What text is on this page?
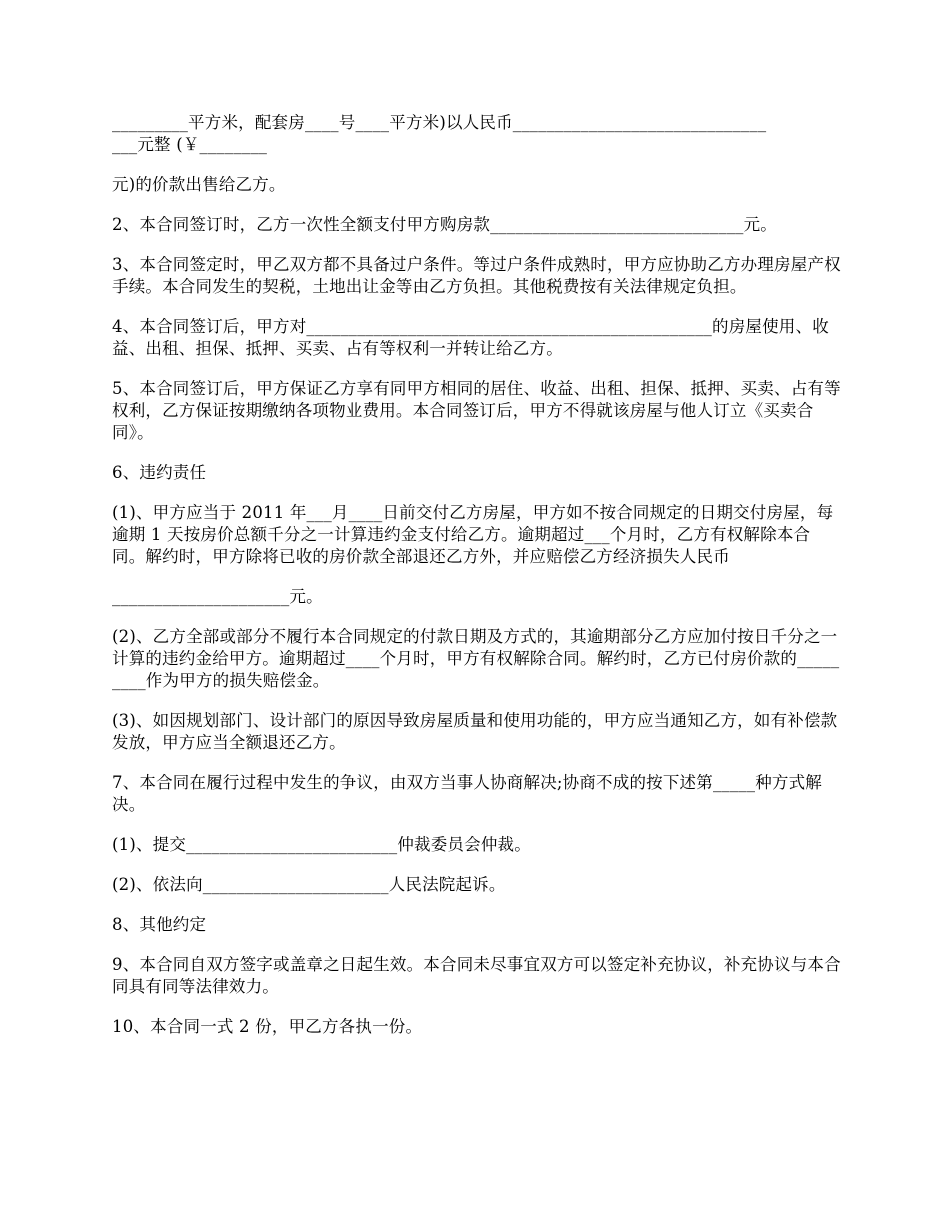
_________平方米，配套房____号____平方米)以人民币______________________________
___元整 (￥________

元)的价款出售给乙方。

2、本合同签订时，乙方一次性全额支付甲方购房款______________________________元。

3、本合同签定时，甲乙双方都不具备过户条件。等过户条件成熟时，甲方应协助乙方办理房屋产权手续。本合同发生的契税，土地出让金等由乙方负担。其他税费按有关法律规定负担。

4、本合同签订后，甲方对________________________________________________的房屋使用、收益、出租、担保、抵押、买卖、占有等权利一并转让给乙方。

5、本合同签订后，甲方保证乙方享有同甲方相同的居住、收益、出租、担保、抵押、买卖、占有等权利，乙方保证按期缴纳各项物业费用。本合同签订后，甲方不得就该房屋与他人订立《买卖合同》。

6、违约责任

(1)、甲方应当于 2011 年___月____日前交付乙方房屋，甲方如不按合同规定的日期交付房屋，每逾期 1 天按房价总额千分之一计算违约金支付给乙方。逾期超过___个月时，乙方有权解除本合同。解约时，甲方除将已收的房价款全部退还乙方外，并应赔偿乙方经济损失人民币

_____________________元。

(2)、乙方全部或部分不履行本合同规定的付款日期及方式的，其逾期部分乙方应加付按日千分之一计算的违约金给甲方。逾期超过____个月时，甲方有权解除合同。解约时，乙方已付房价款的_________作为甲方的损失赔偿金。

(3)、如因规划部门、设计部门的原因导致房屋质量和使用功能的，甲方应当通知乙方，如有补偿款发放，甲方应当全额退还乙方。

7、本合同在履行过程中发生的争议，由双方当事人协商解决;协商不成的按下述第_____种方式解决。

(1)、提交_________________________仲裁委员会仲裁。

(2)、依法向______________________人民法院起诉。

8、其他约定

9、本合同自双方签字或盖章之日起生效。本合同未尽事宜双方可以签定补充协议，补充协议与本合同具有同等法律效力。

10、本合同一式 2 份，甲乙方各执一份。
